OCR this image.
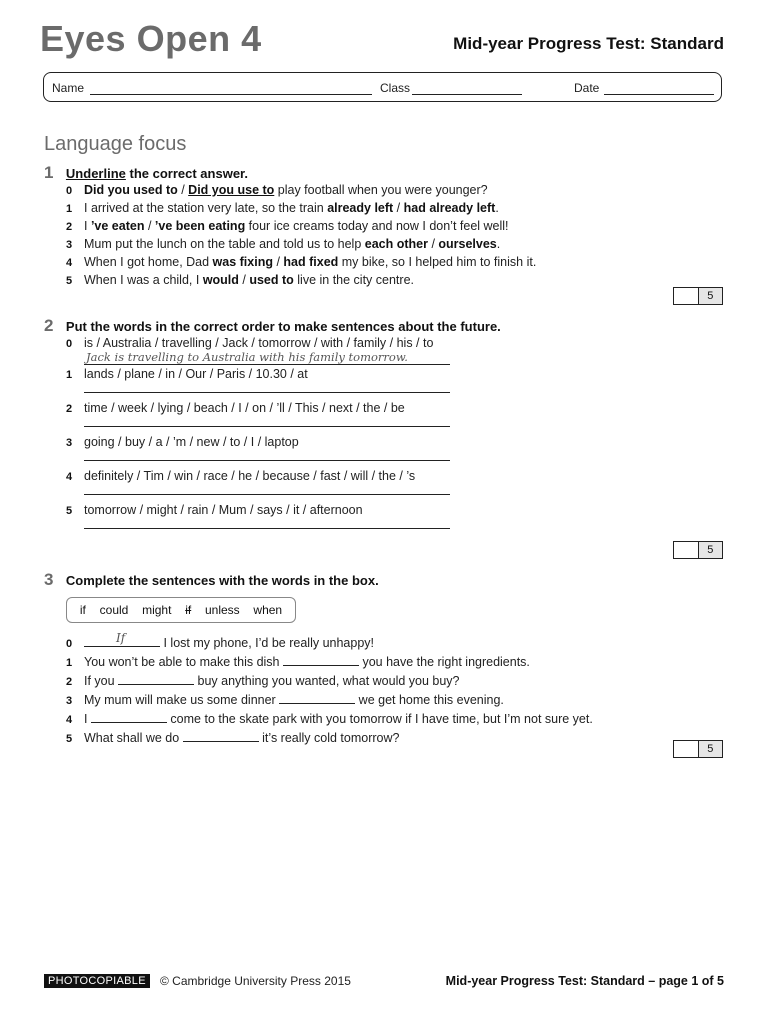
Eyes Open 4	Mid-year Progress Test: Standard
Name	Class	Date
Language focus
1 Underline the correct answer.
0 Did you used to / Did you use to play football when you were younger?
1 I arrived at the station very late, so the train already left / had already left.
2 I ’ve eaten / ’ve been eating four ice creams today and now I don’t feel well!
3 Mum put the lunch on the table and told us to help each other / ourselves.
4 When I got home, Dad was fixing / had fixed my bike, so I helped him to finish it.
5 When I was a child, I would / used to live in the city centre.
5
2 Put the words in the correct order to make sentences about the future.
0 is / Australia / travelling / Jack / tomorrow / with / family / his / to
Jack is travelling to Australia with his family tomorrow.
1 lands / plane / in / Our / Paris / 10.30 / at
2 time / week / lying / beach / I / on / ’ll / This / next / the / be
3 going / buy / a / ’m / new / to / I / laptop
4 definitely / Tim / win / race / he / because / fast / will / the / ’s
5 tomorrow / might / rain / Mum / says / it / afternoon
5
3 Complete the sentences with the words in the box.
if could might if unless when
0	If	I lost my phone, I’d be really unhappy!
1 You won’t be able to make this dish	you have the right ingredients.
2 If you	buy anything you wanted, what would you buy?
3 My mum will make us some dinner	we get home this evening.
4 I	come to the skate park with you tomorrow if I have time, but I’m not sure yet.
5 What shall we do	it’s really cold tomorrow?
5
PHOTOCOPIABLE	© Cambridge University Press 2015	Mid-year Progress Test: Standard – page 1 of 5
